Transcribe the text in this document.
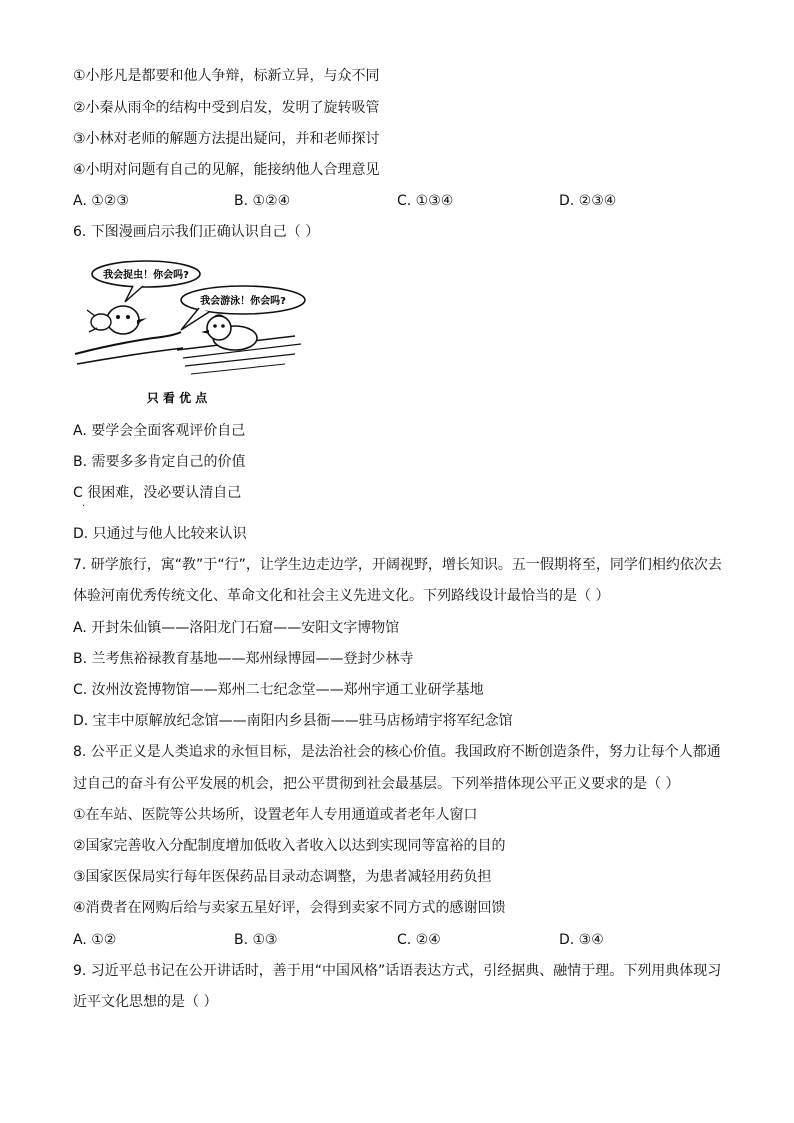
①小彤凡是都要和他人争辩，标新立异，与众不同
②小秦从雨伞的结构中受到启发，发明了旋转吸管
③小林对老师的解题方法提出疑问，并和老师探讨
④小明对问题有自己的见解，能接纳他人合理意见
A. ①②③	B. ①②④	C. ①③④	D. ②③④
6. 下图漫画启示我们正确认识自己（ ）
我会捉虫！你会吗?
我会游泳！你会吗?
只 看 优 点
A. 要学会全面客观评价自己
B. 需要多多肯定自己的价值
C 很困难，没必要认清自己
·
D. 只通过与他人比较来认识
7. 研学旅行，寓“教”于“行”，让学生边走边学，开阔视野，增长知识。五一假期将至，同学们相约依次去
体验河南优秀传统文化、革命文化和社会主义先进文化。下列路线设计最恰当的是（ ）
A. 开封朱仙镇——洛阳龙门石窟——安阳文字博物馆
B. 兰考焦裕禄教育基地——郑州绿博园——登封少林寺
C. 汝州汝瓷博物馆——郑州二七纪念堂——郑州宇通工业研学基地
D. 宝丰中原解放纪念馆——南阳内乡县衙——驻马店杨靖宇将军纪念馆
8. 公平正义是人类追求的永恒目标，是法治社会的核心价值。我国政府不断创造条件，努力让每个人都通
过自己的奋斗有公平发展的机会，把公平贯彻到社会最基层。下列举措体现公平正义要求的是（ ）
①在车站、医院等公共场所，设置老年人专用通道或者老年人窗口
②国家完善收入分配制度增加低收入者收入以达到实现同等富裕的目的
③国家医保局实行每年医保药品目录动态调整，为患者减轻用药负担
④消费者在网购后给与卖家五星好评，会得到卖家不同方式的感谢回馈
A. ①②	B. ①③	C. ②④	D. ③④
9. 习近平总书记在公开讲话时，善于用“中国风格”话语表达方式，引经据典、融情于理。下列用典体现习
近平文化思想的是（ ）
